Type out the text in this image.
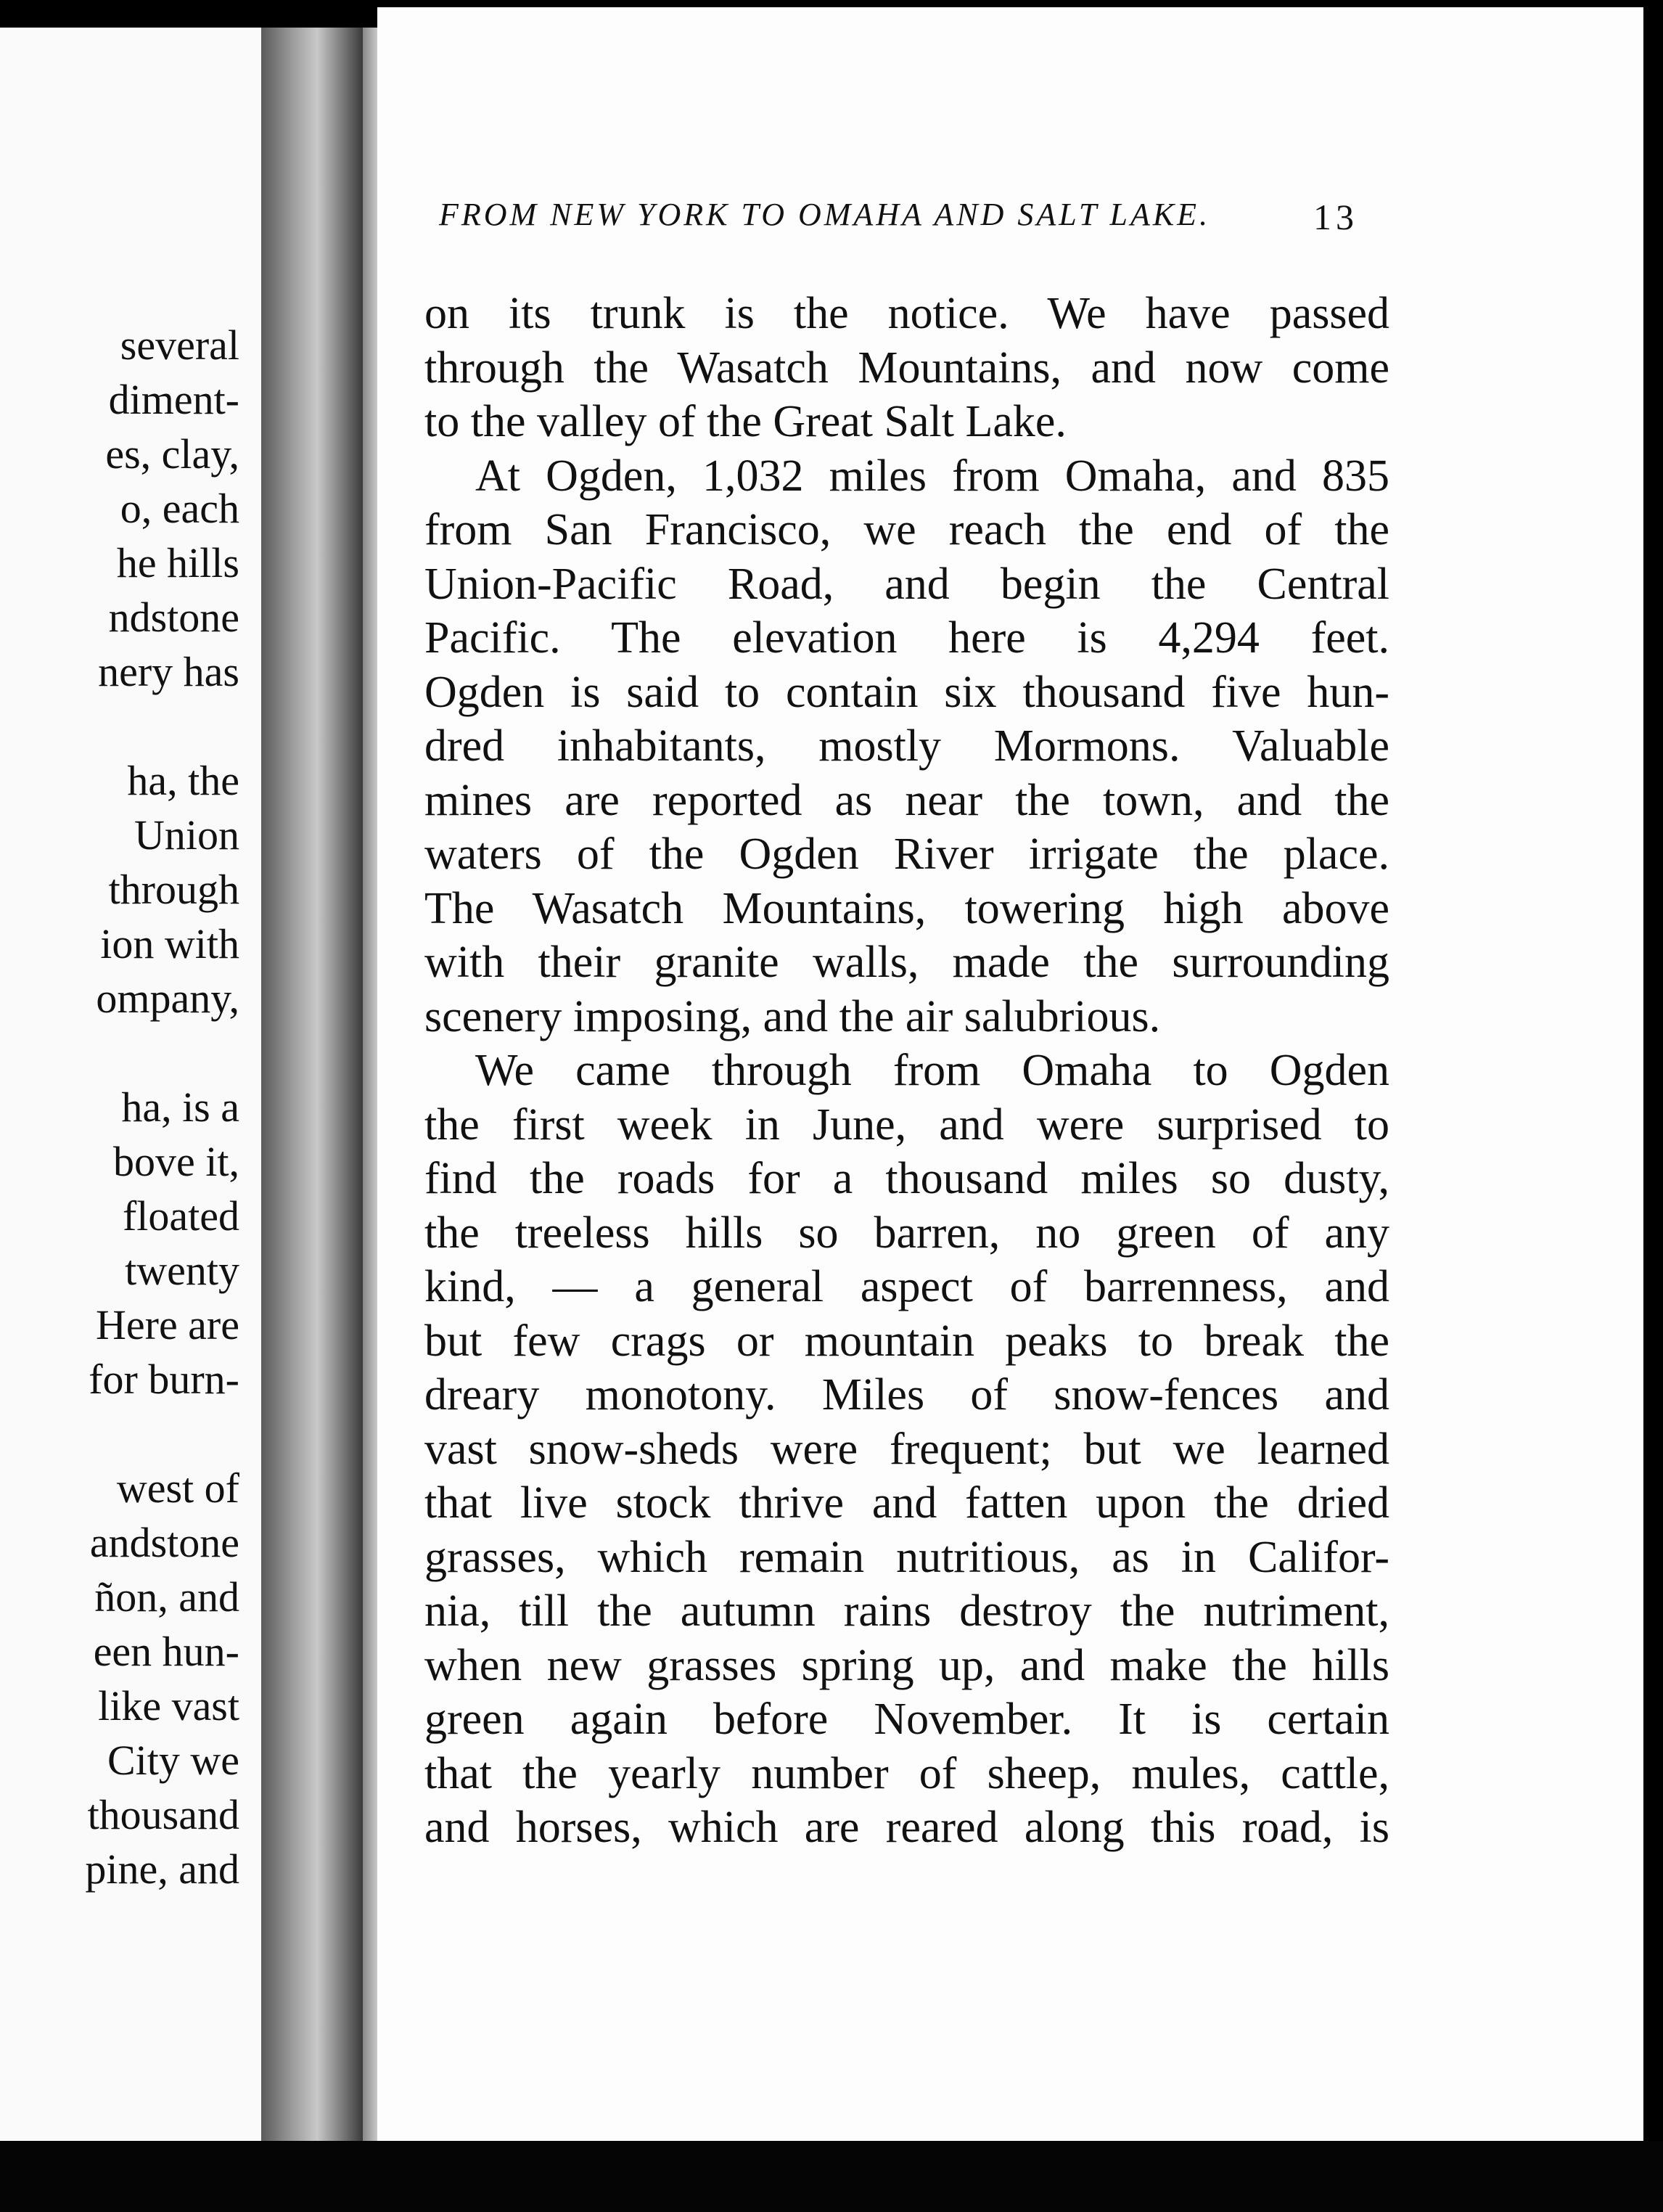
several
diment-
es, clay,
o, each
he hills
ndstone
nery has
ha, the
Union
through
ion with
ompany,
ha, is a
bove it,
floated
twenty
Here are
for burn-
west of
andstone
ñon, and
een hun-
like vast
City we
thousand
pine, and
FROM NEW YORK TO OMAHA AND SALT LAKE.	13
on its trunk is the notice. We have passed
through the Wasatch Mountains, and now come
to the valley of the Great Salt Lake.
At Ogden, 1,032 miles from Omaha, and 835
from San Francisco, we reach the end of the
Union-Pacific Road, and begin the Central
Pacific. The elevation here is 4,294 feet.
Ogden is said to contain six thousand five hun-
dred inhabitants, mostly Mormons. Valuable
mines are reported as near the town, and the
waters of the Ogden River irrigate the place.
The Wasatch Mountains, towering high above
with their granite walls, made the surrounding
scenery imposing, and the air salubrious.
We came through from Omaha to Ogden
the first week in June, and were surprised to
find the roads for a thousand miles so dusty,
the treeless hills so barren, no green of any
kind, — a general aspect of barrenness, and
but few crags or mountain peaks to break the
dreary monotony. Miles of snow-fences and
vast snow-sheds were frequent; but we learned
that live stock thrive and fatten upon the dried
grasses, which remain nutritious, as in Califor-
nia, till the autumn rains destroy the nutriment,
when new grasses spring up, and make the hills
green again before November. It is certain
that the yearly number of sheep, mules, cattle,
and horses, which are reared along this road, is
